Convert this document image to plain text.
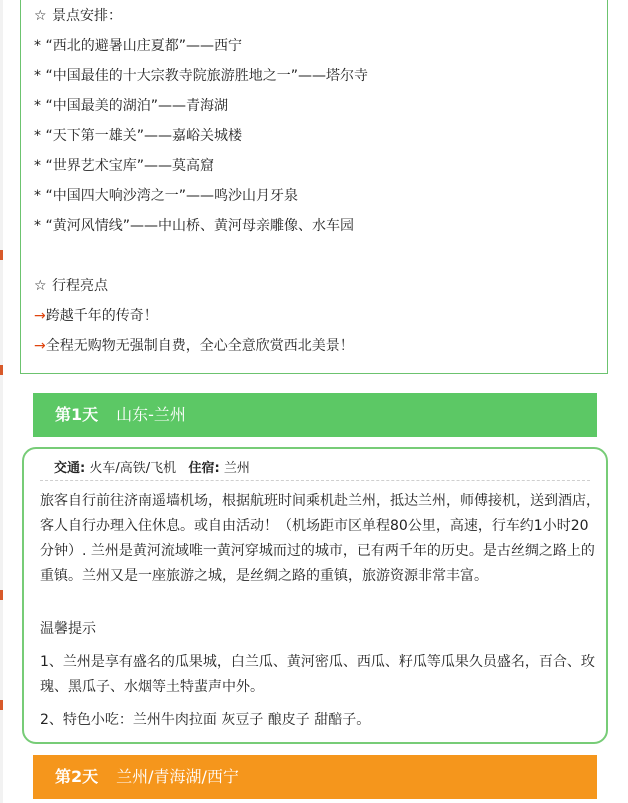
☆ 景点安排：
* “西北的避暑山庄夏都”——西宁
* “中国最佳的十大宗教寺院旅游胜地之一”——塔尔寺
* “中国最美的湖泊”——青海湖
* “天下第一雄关”——嘉峪关城楼
* “世界艺术宝库”——莫高窟
* “中国四大响沙湾之一”——鸣沙山月牙泉
* “黄河风情线”——中山桥、黄河母亲雕像、水车园
☆ 行程亮点
→跨越千年的传奇！
→全程无购物无强制自费，全心全意欣赏西北美景！
第1天 山东-兰州
交通: 火车/高铁/飞机 住宿: 兰州
旅客自行前往济南遥墙机场，根据航班时间乘机赴兰州，抵达兰州，师傅接机，送到酒店，客人自行办理入住休息。或自由活动！（机场距市区单程80公里，高速，行车约1小时20分钟）. 兰州是黄河流域唯一黄河穿城而过的城市，已有两千年的历史。是古丝绸之路上的重镇。兰州又是一座旅游之城，是丝绸之路的重镇，旅游资源非常丰富。
温馨提示
1、兰州是享有盛名的瓜果城，白兰瓜、黄河密瓜、西瓜、籽瓜等瓜果久员盛名，百合、玫瑰、黑瓜子、水烟等土特蜚声中外。
2、特色小吃：兰州牛肉拉面 灰豆子 酿皮子 甜醅子。
第2天 兰州/青海湖/西宁
